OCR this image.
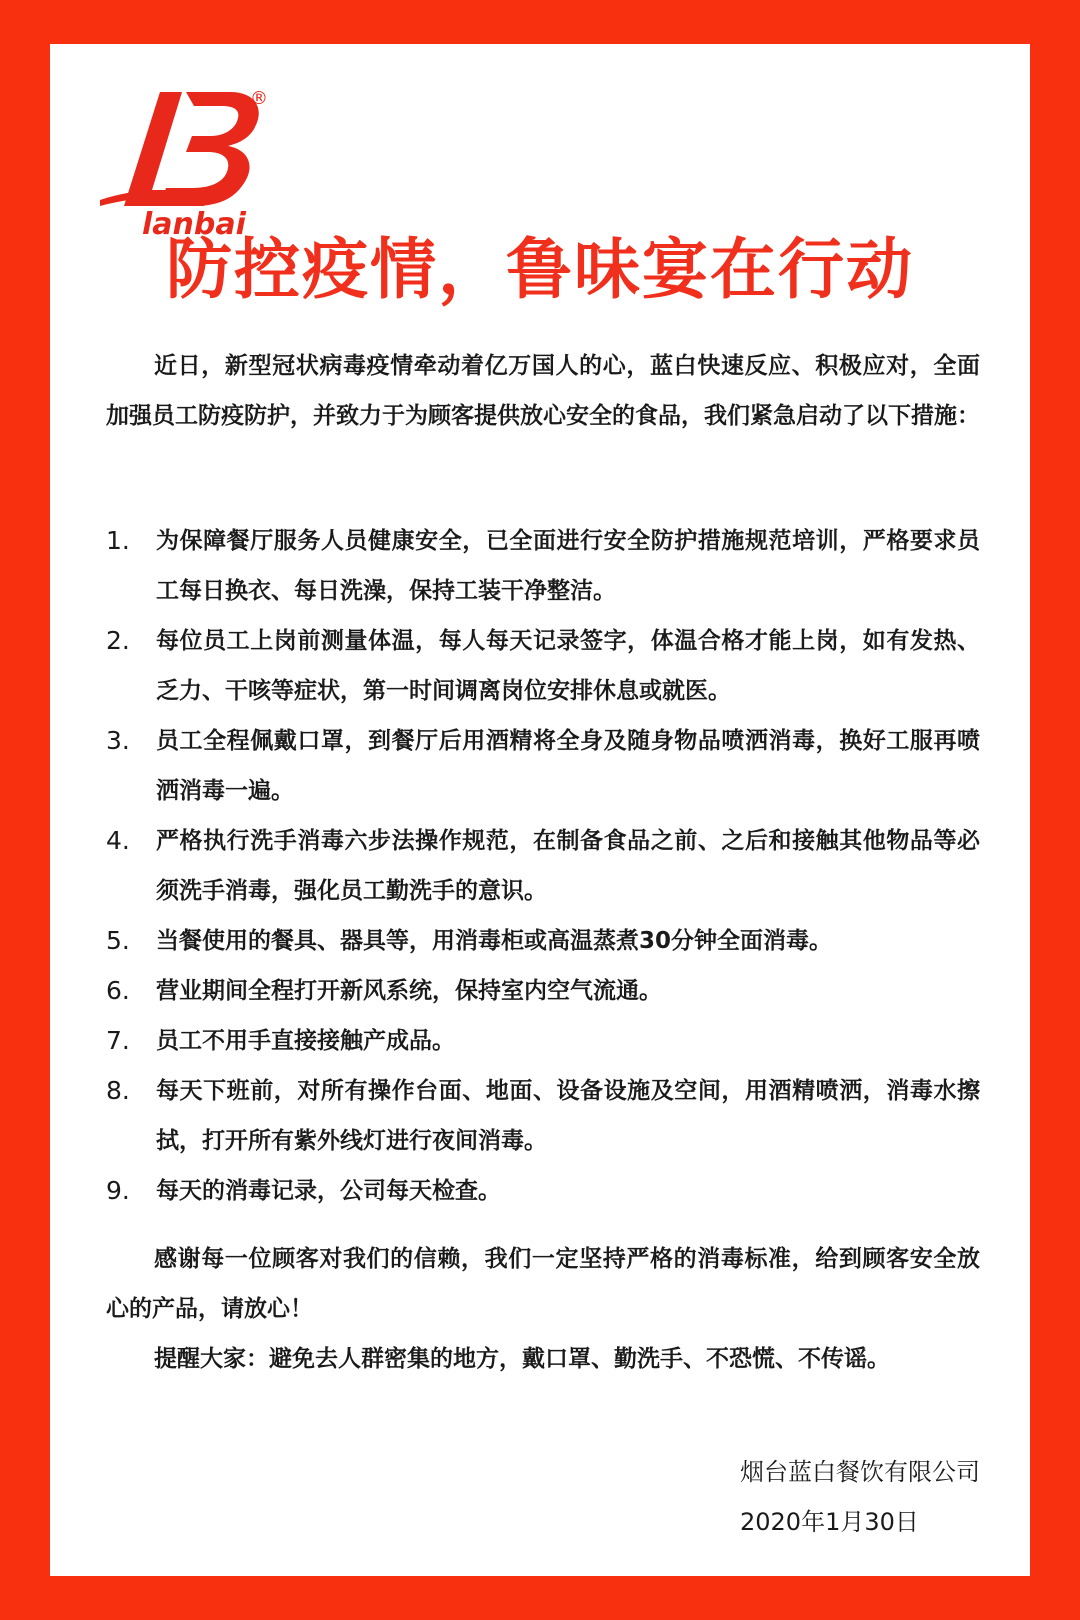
®
lanbai
防控疫情，鲁味宴在行动

近日，新型冠状病毒疫情牵动着亿万国人的心，蓝白快速反应、积极应对，全面加强员工防疫防护，并致力于为顾客提供放心安全的食品，我们紧急启动了以下措施：

1. 为保障餐厅服务人员健康安全，已全面进行安全防护措施规范培训，严格要求员工每日换衣、每日洗澡，保持工装干净整洁。
2. 每位员工上岗前测量体温，每人每天记录签字，体温合格才能上岗，如有发热、乏力、干咳等症状，第一时间调离岗位安排休息或就医。
3. 员工全程佩戴口罩，到餐厅后用酒精将全身及随身物品喷洒消毒，换好工服再喷洒消毒一遍。
4. 严格执行洗手消毒六步法操作规范，在制备食品之前、之后和接触其他物品等必须洗手消毒，强化员工勤洗手的意识。
5. 当餐使用的餐具、器具等，用消毒柜或高温蒸煮30分钟全面消毒。
6. 营业期间全程打开新风系统，保持室内空气流通。
7. 员工不用手直接接触产成品。
8. 每天下班前，对所有操作台面、地面、设备设施及空间，用酒精喷洒，消毒水擦拭，打开所有紫外线灯进行夜间消毒。
9. 每天的消毒记录，公司每天检查。

感谢每一位顾客对我们的信赖，我们一定坚持严格的消毒标准，给到顾客安全放心的产品，请放心！

提醒大家：避免去人群密集的地方，戴口罩、勤洗手、不恐慌、不传谣。

烟台蓝白餐饮有限公司
2020年1月30日
